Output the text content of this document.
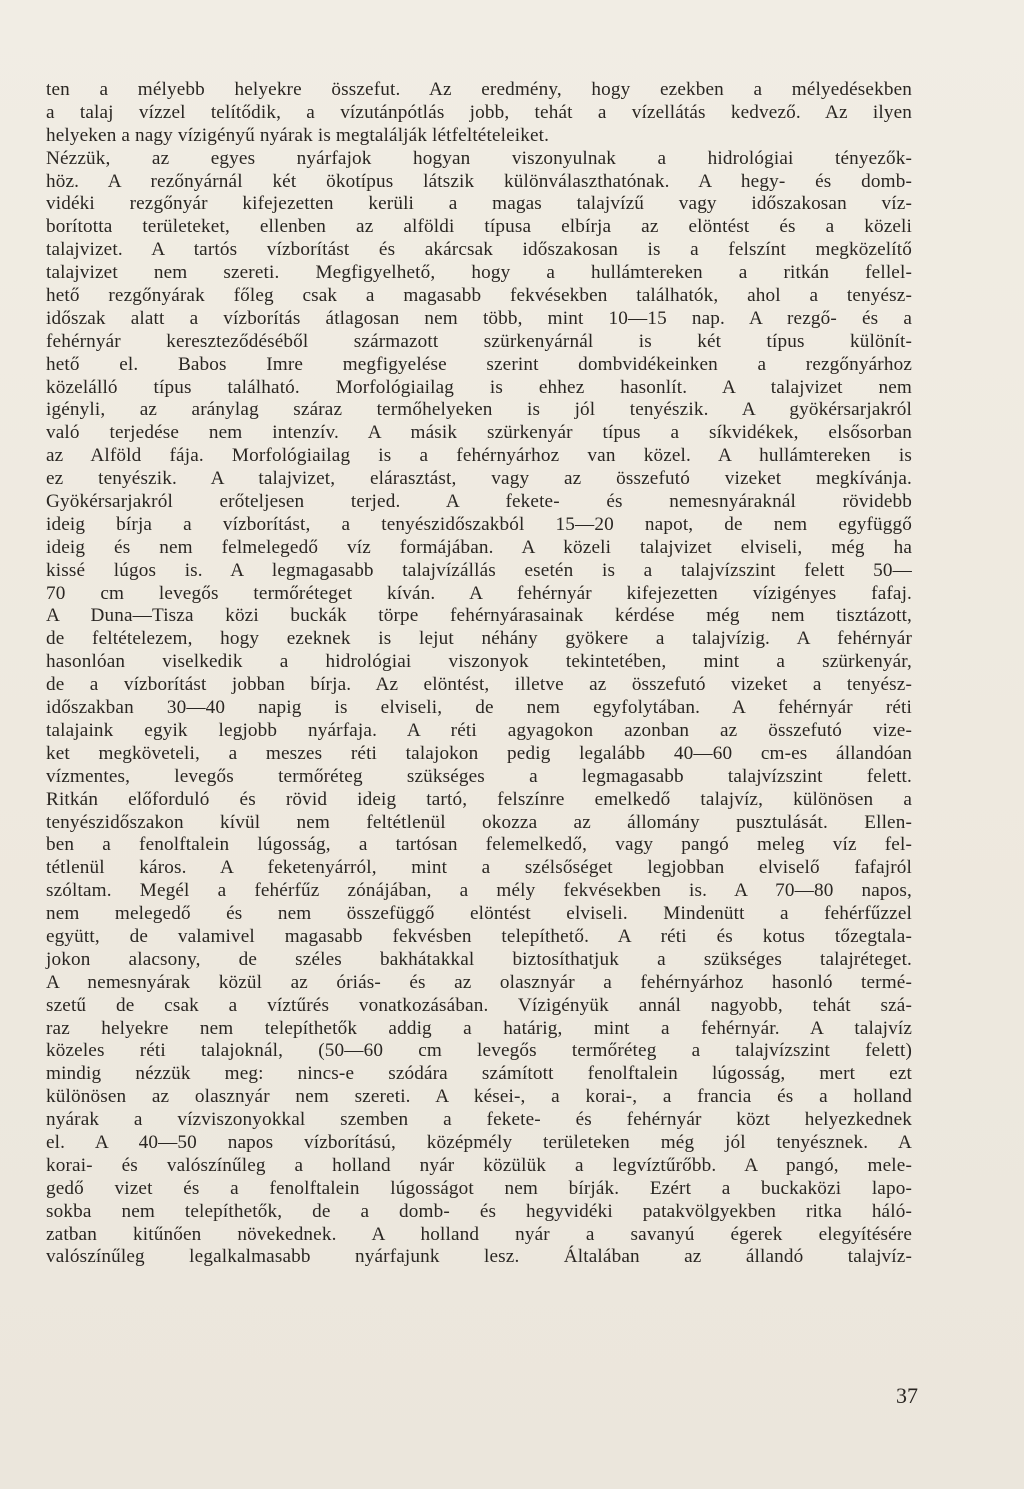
ten a mélyebb helyekre összefut. Az eredmény, hogy ezekben a mélyedésekben
a talaj vízzel telítődik, a vízutánpótlás jobb, tehát a vízellátás kedvező. Az ilyen
helyeken a nagy vízigényű nyárak is megtalálják létfeltételeiket.
Nézzük, az egyes nyárfajok hogyan viszonyulnak a hidrológiai tényezők-
höz. A rezőnyárnál két ökotípus látszik különválaszthatónak. A hegy- és domb-
vidéki rezgőnyár kifejezetten kerüli a magas talajvízű vagy időszakosan víz-
borította területeket, ellenben az alföldi típusa elbírja az elöntést és a közeli
talajvizet. A tartós vízborítást és akárcsak időszakosan is a felszínt megközelítő
talajvizet nem szereti. Megfigyelhető, hogy a hullámtereken a ritkán fellel-
hető rezgőnyárak főleg csak a magasabb fekvésekben találhatók, ahol a tenyész-
időszak alatt a vízborítás átlagosan nem több, mint 10—15 nap. A rezgő- és a
fehérnyár kereszteződéséből származott szürkenyárnál is két típus különít-
hető el. Babos Imre megfigyelése szerint dombvidékeinken a rezgőnyárhoz
közelálló típus található. Morfológiailag is ehhez hasonlít. A talajvizet nem
igényli, az aránylag száraz termőhelyeken is jól tenyészik. A gyökérsarjakról
való terjedése nem intenzív. A másik szürkenyár típus a síkvidékek, elsősorban
az Alföld fája. Morfológiailag is a fehérnyárhoz van közel. A hullámtereken is
ez tenyészik. A talajvizet, elárasztást, vagy az összefutó vizeket megkívánja.
Gyökérsarjakról erőteljesen terjed. A fekete- és nemesnyáraknál rövidebb
ideig bírja a vízborítást, a tenyészidőszakból 15—20 napot, de nem egyfüggő
ideig és nem felmelegedő víz formájában. A közeli talajvizet elviseli, még ha
kissé lúgos is. A legmagasabb talajvízállás esetén is a talajvízszint felett 50—
70 cm levegős termőréteget kíván. A fehérnyár kifejezetten vízigényes fafaj.
A Duna—Tisza közi buckák törpe fehérnyárasainak kérdése még nem tisztázott,
de feltételezem, hogy ezeknek is lejut néhány gyökere a talajvízig. A fehérnyár
hasonlóan viselkedik a hidrológiai viszonyok tekintetében, mint a szürkenyár,
de a vízborítást jobban bírja. Az elöntést, illetve az összefutó vizeket a tenyész-
időszakban 30—40 napig is elviseli, de nem egyfolytában. A fehérnyár réti
talajaink egyik legjobb nyárfaja. A réti agyagokon azonban az összefutó vize-
ket megköveteli, a meszes réti talajokon pedig legalább 40—60 cm-es állandóan
vízmentes, levegős termőréteg szükséges a legmagasabb talajvízszint felett.
Ritkán előforduló és rövid ideig tartó, felszínre emelkedő talajvíz, különösen a
tenyészidőszakon kívül nem feltétlenül okozza az állomány pusztulását. Ellen-
ben a fenolftalein lúgosság, a tartósan felemelkedő, vagy pangó meleg víz fel-
tétlenül káros. A feketenyárról, mint a szélsőséget legjobban elviselő fafajról
szóltam. Megél a fehérfűz zónájában, a mély fekvésekben is. A 70—80 napos,
nem melegedő és nem összefüggő elöntést elviseli. Mindenütt a fehérfűzzel
együtt, de valamivel magasabb fekvésben telepíthető. A réti és kotus tőzegtala-
jokon alacsony, de széles bakhátakkal biztosíthatjuk a szükséges talajréteget.
A nemesnyárak közül az óriás- és az olasznyár a fehérnyárhoz hasonló termé-
szetű de csak a víztűrés vonatkozásában. Vízigényük annál nagyobb, tehát szá-
raz helyekre nem telepíthetők addig a határig, mint a fehérnyár. A talajvíz
közeles réti talajoknál, (50—60 cm levegős termőréteg a talajvízszint felett)
mindig nézzük meg: nincs-e szódára számított fenolftalein lúgosság, mert ezt
különösen az olasznyár nem szereti. A kései-, a korai-, a francia és a holland
nyárak a vízviszonyokkal szemben a fekete- és fehérnyár közt helyezkednek
el. A 40—50 napos vízborítású, középmély területeken még jól tenyésznek. A
korai- és valószínűleg a holland nyár közülük a legvíztűrőbb. A pangó, mele-
gedő vizet és a fenolftalein lúgosságot nem bírják. Ezért a buckaközi lapo-
sokba nem telepíthetők, de a domb- és hegyvidéki patakvölgyekben ritka háló-
zatban kitűnően növekednek. A holland nyár a savanyú égerek elegyítésére
valószínűleg legalkalmasabb nyárfajunk lesz. Általában az állandó talajvíz-
37
